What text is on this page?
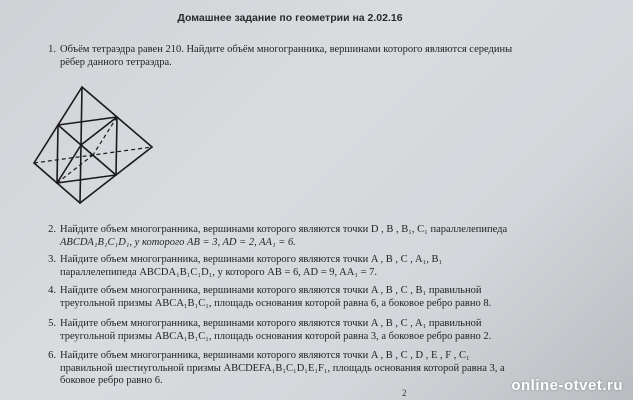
Домашнее задание по геометрии на 2.02.16
1. Объём тетраэдра равен 210. Найдите объём многогранника, вершинами которого являются середины
рёбер данного тетраэдра.
2. Найдите объем многогранника, вершинами которого являются точки D , B , B₁, C₁ параллелепипеда
ABCDA₁B₁C₁D₁, у которого AB = 3, AD = 2, AA₁ = 6.
3. Найдите объем многогранника, вершинами которого являются точки A , B , C , A₁, B₁
параллелепипеда ABCDA₁B₁C₁D₁, у которого AB = 6, AD = 9, AA₁ = 7.
4. Найдите объем многогранника, вершинами которого являются точки A , B , C , B₁ правильной
треугольной призмы ABCA₁B₁C₁, площадь основания которой равна 6, а боковое ребро равно 8.
5. Найдите объем многогранника, вершинами которого являются точки A , B , C , A₁ правильной
треугольной призмы ABCA₁B₁C₁, площадь основания которой равна 3, а боковое ребро равно 2.
6. Найдите объем многогранника, вершинами которого являются точки A , B , C , D , E , F , C₁
правильной шестиугольной призмы ABCDEFA₁B₁C₁D₁E₁F₁, площадь основания которой равна 3, а
боковое ребро равно 6.
2	online-otvet.ru
